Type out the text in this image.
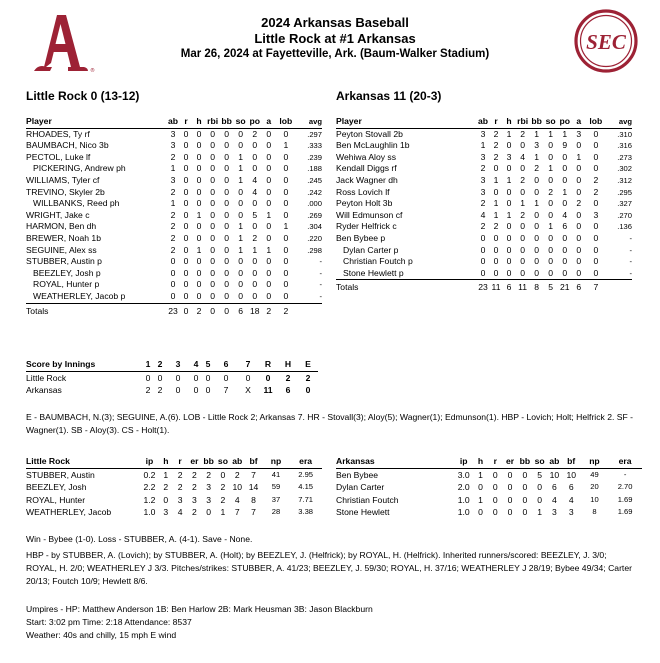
®
SEC
2024 Arkansas Baseball
Little Rock at #1 Arkansas
Mar 26, 2024 at Fayetteville, Ark. (Baum-Walker Stadium)
Little Rock 0 (13-12)	Arkansas 11 (20-3)
Player	ab	r	h	rbi	bb	so	po	a	lob	avg
RHOADES, Ty rf	3	0	0	0	0	0	2	0	0	.297
BAUMBACH, Nico 3b	3	0	0	0	0	0	0	0	1	.333
PECTOL, Luke lf	2	0	0	0	0	1	0	0	0	.239
PICKERING, Andrew ph	1	0	0	0	0	1	0	0	0	.188
WILLIAMS, Tyler cf	3	0	0	0	0	1	4	0	0	.245
TREVINO, Skyler 2b	2	0	0	0	0	0	4	0	0	.242
WILLBANKS, Reed ph	1	0	0	0	0	0	0	0	0	.000
WRIGHT, Jake c	2	0	1	0	0	0	5	1	0	.269
HARMON, Ben dh	2	0	0	0	0	1	0	0	1	.304
BREWER, Noah 1b	2	0	0	0	0	1	2	0	0	.220
SEGUINE, Alex ss	2	0	1	0	0	1	1	1	0	.298
STUBBER, Austin p	0	0	0	0	0	0	0	0	0	-
BEEZLEY, Josh p	0	0	0	0	0	0	0	0	0	-
ROYAL, Hunter p	0	0	0	0	0	0	0	0	0	-
WEATHERLEY, Jacob p	0	0	0	0	0	0	0	0	0	-
Totals	23	0	2	0	0	6	18	2	2	
Player	ab	r	h	rbi	bb	so	po	a	lob	avg
Peyton Stovall 2b	3	2	1	2	1	1	1	3	0	.310
Ben McLaughlin 1b	1	2	0	0	3	0	9	0	0	.316
Wehiwa Aloy ss	3	2	3	4	1	0	0	1	0	.273
Kendall Diggs rf	2	0	0	0	2	1	0	0	0	.302
Jack Wagner dh	3	1	1	2	0	0	0	0	2	.312
Ross Lovich lf	3	0	0	0	0	2	1	0	2	.295
Peyton Holt 3b	2	1	0	1	1	0	0	2	0	.327
Will Edmunson cf	4	1	1	2	0	0	4	0	3	.270
Ryder Helfrick c	2	2	0	0	0	1	6	0	0	.136
Ben Bybee p	0	0	0	0	0	0	0	0	0	-
Dylan Carter p	0	0	0	0	0	0	0	0	0	-
Christian Foutch p	0	0	0	0	0	0	0	0	0	-
Stone Hewlett p	0	0	0	0	0	0	0	0	0	-
Totals	23	11	6	11	8	5	21	6	7	
Score by Innings	1	2	3	4	5	6	7	R	H	E
Little Rock	0	0	0	0	0	0	0	0	2	2
Arkansas	2	2	0	0	0	7	X	11	6	0
E - BAUMBACH, N.(3); SEGUINE, A.(6). LOB - Little Rock 2; Arkansas 7. HR - Stovall(3); Aloy(5); Wagner(1); Edmunson(1). HBP - Lovich; Holt; Helfrick 2. SF - Wagner(1). SB - Aloy(3). CS - Holt(1).
Little Rock	ip	h	r	er	bb	so	ab	bf	np	era
STUBBER, Austin	0.2	1	2	2	2	0	2	7	41	2.95
BEEZLEY, Josh	2.2	2	2	2	3	2	10	14	59	4.15
ROYAL, Hunter	1.2	0	3	3	3	2	4	8	37	7.71
WEATHERLEY, Jacob	1.0	3	4	2	0	1	7	7	28	3.38
Arkansas	ip	h	r	er	bb	so	ab	bf	np	era
Ben Bybee	3.0	1	0	0	0	5	10	10	49	-
Dylan Carter	2.0	0	0	0	0	0	6	6	20	2.70
Christian Foutch	1.0	1	0	0	0	0	4	4	10	1.69
Stone Hewlett	1.0	0	0	0	0	1	3	3	8	1.69
Win - Bybee (1-0). Loss - STUBBER, A. (4-1). Save - None.
HBP - by STUBBER, A. (Lovich); by STUBBER, A. (Holt); by BEEZLEY, J. (Helfrick); by ROYAL, H. (Helfrick). Inherited runners/scored: BEEZLEY, J. 3/0; ROYAL, H. 2/0; WEATHERLEY J 3/3. Pitches/strikes: STUBBER, A. 41/23; BEEZLEY, J. 59/30; ROYAL, H. 37/16; WEATHERLEY J 28/19; Bybee 49/34; Carter 20/13; Foutch 10/9; Hewlett 8/6.
Umpires - HP: Matthew Anderson 1B: Ben Harlow 2B: Mark Heusman 3B: Jason Blackburn
Start: 3:02 pm Time: 2:18 Attendance: 8537
Weather: 40s and chilly, 15 mph E wind
